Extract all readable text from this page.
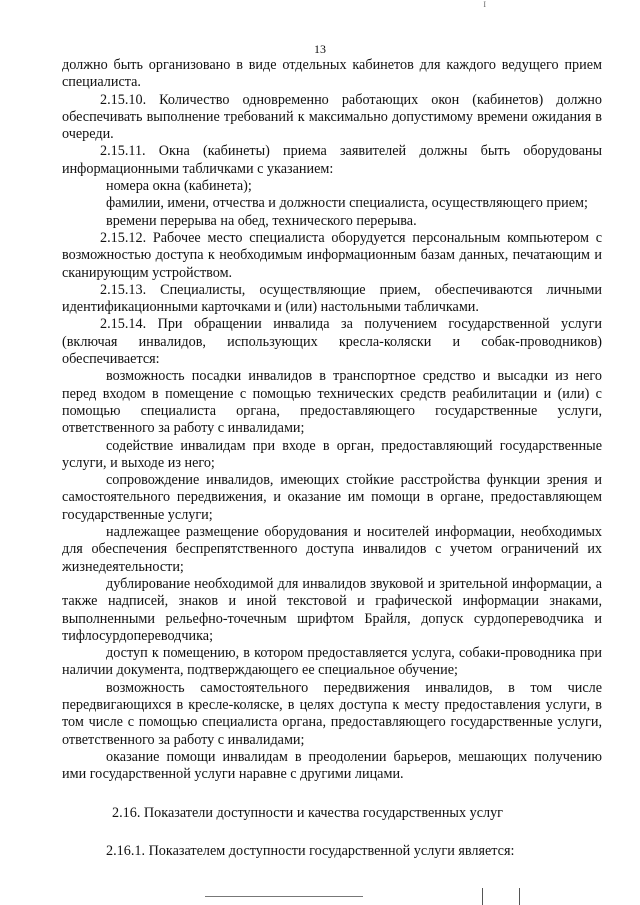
I
13

должно быть организовано в виде отдельных кабинетов для каждого ведущего прием специалиста.

2.15.10. Количество одновременно работающих окон (кабинетов) должно обеспечивать выполнение требований к максимально допустимому времени ожидания в очереди.

2.15.11. Окна (кабинеты) приема заявителей должны быть оборудованы информационными табличками с указанием:

номера окна (кабинета);

фамилии, имени, отчества и должности специалиста, осуществляющего прием;

времени перерыва на обед, технического перерыва.

2.15.12. Рабочее место специалиста оборудуется персональным компьютером с возможностью доступа к необходимым информационным базам данных, печатающим и сканирующим устройством.

2.15.13. Специалисты, осуществляющие прием, обеспечиваются личными идентификационными карточками и (или) настольными табличками.

2.15.14. При обращении инвалида за получением государственной услуги (включая инвалидов, использующих кресла-коляски и собак-проводников) обеспечивается:

возможность посадки инвалидов в транспортное средство и высадки из него перед входом в помещение с помощью технических средств реабилитации и (или) с помощью специалиста органа, предоставляющего государственные услуги, ответственного за работу с инвалидами;

содействие инвалидам при входе в орган, предоставляющий государственные услуги, и выходе из него;

сопровождение инвалидов, имеющих стойкие расстройства функции зрения и самостоятельного передвижения, и оказание им помощи в органе, предоставляющем государственные услуги;

надлежащее размещение оборудования и носителей информации, необходимых для обеспечения беспрепятственного доступа инвалидов с учетом ограничений их жизнедеятельности;

дублирование необходимой для инвалидов звуковой и зрительной информации, а также надписей, знаков и иной текстовой и графической информации знаками, выполненными рельефно-точечным шрифтом Брайля, допуск сурдопереводчика и тифлосурдопереводчика;

доступ к помещению, в котором предоставляется услуга, собаки-проводника при наличии документа, подтверждающего ее специальное обучение;

возможность самостоятельного передвижения инвалидов, в том числе передвигающихся в кресле-коляске, в целях доступа к месту предоставления услуги, в том числе с помощью специалиста органа, предоставляющего государственные услуги, ответственного за работу с инвалидами;

оказание помощи инвалидам в преодолении барьеров, мешающих получению ими государственной услуги наравне с другими лицами.

2.16. Показатели доступности и качества государственных услуг

2.16.1. Показателем доступности государственной услуги является:
